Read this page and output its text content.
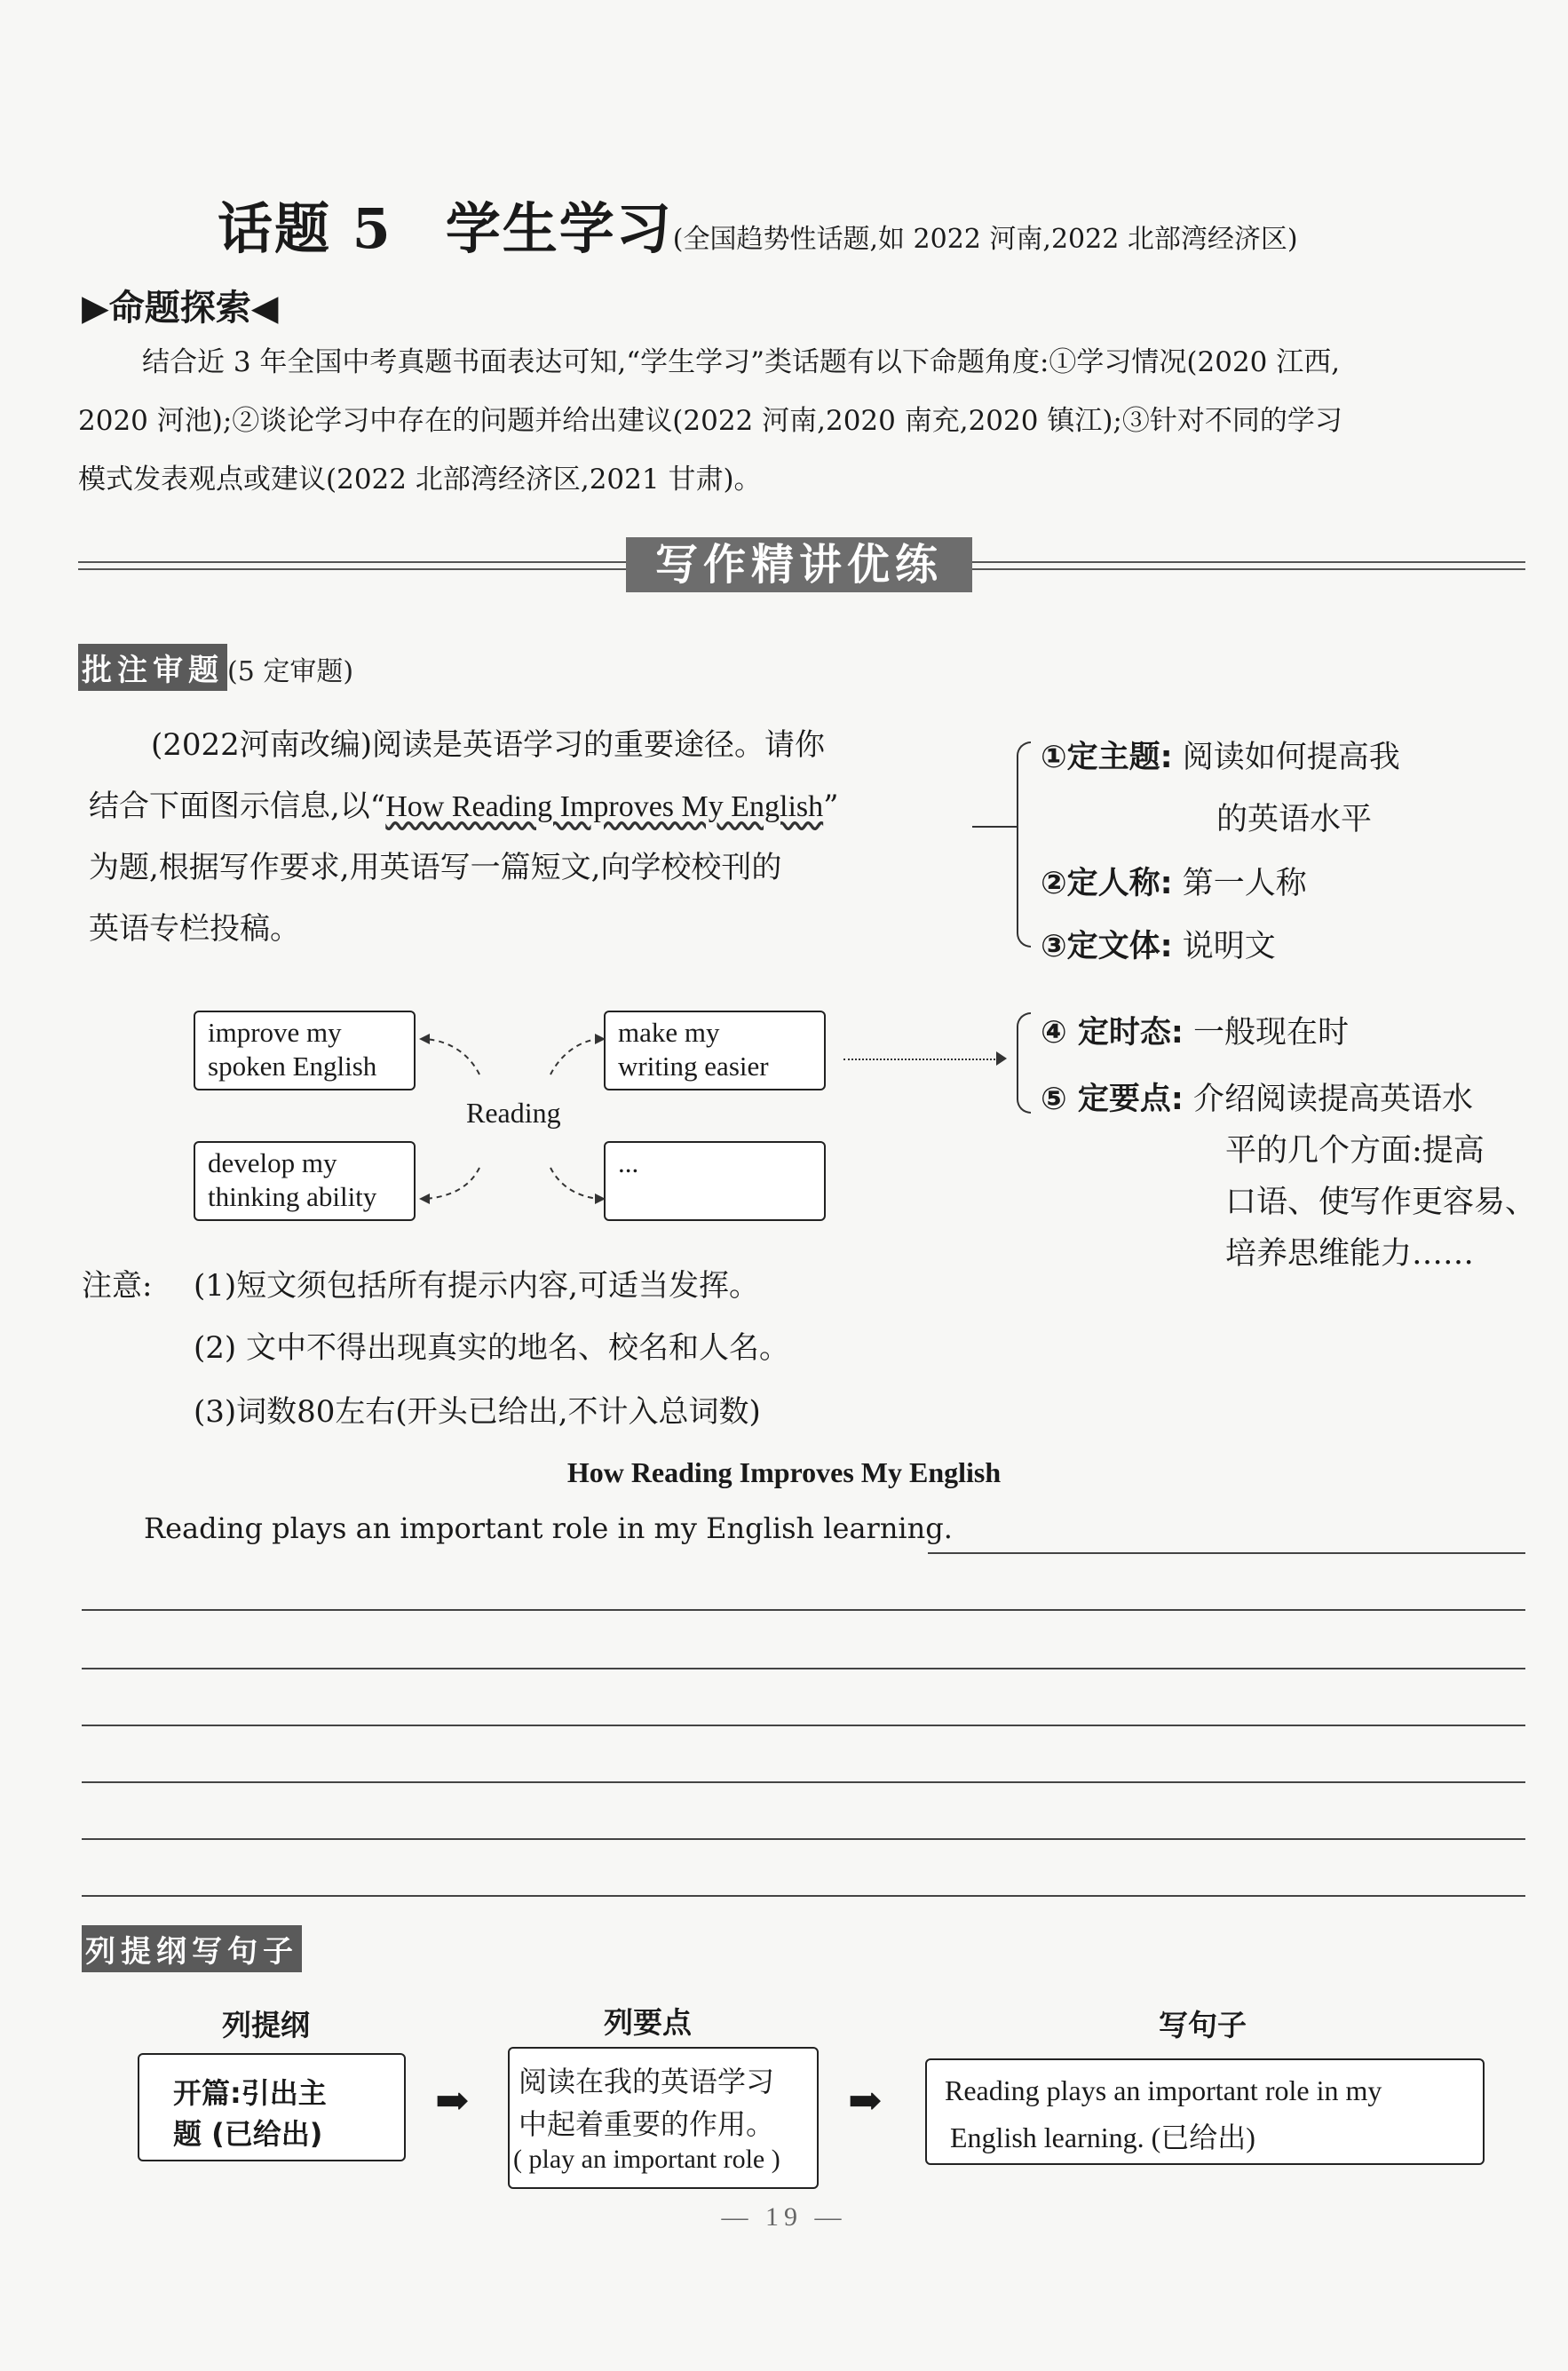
话题 5 学生学习(全国趋势性话题,如 2022 河南,2022 北部湾经济区)
▶命题探索◀
结合近 3 年全国中考真题书面表达可知,“学生学习”类话题有以下命题角度:①学习情况(2020 江西,
2020 河池);②谈论学习中存在的问题并给出建议(2022 河南,2020 南充,2020 镇江);③针对不同的学习
模式发表观点或建议(2022 北部湾经济区,2021 甘肃)。
写作精讲优练
批注审题 (5 定审题)
(2022河南改编)阅读是英语学习的重要途径。请你
结合下面图示信息,以“How Reading Improves My English”
为题,根据写作要求,用英语写一篇短文,向学校校刊的
英语专栏投稿。
①定主题: 阅读如何提高我
的英语水平
②定人称: 第一人称
③定文体: 说明文
④ 定时态: 一般现在时
⑤ 定要点: 介绍阅读提高英语水
平的几个方面:提高
口语、使写作更容易、
培养思维能力……
improve my
spoken English
make my
writing easier
develop my
thinking ability
...
Reading
注意: (1)短文须包括所有提示内容,可适当发挥。
(2) 文中不得出现真实的地名、校名和人名。
(3)词数80左右(开头已给出,不计入总词数)
How Reading Improves My English
Reading plays an important role in my English learning.
列提纲写句子
列提纲	列要点	写句子
开篇:引出主
题 (已给出)
➡ 阅读在我的英语学习
中起着重要的作用。
( play an important role )
➡ Reading plays an important role in my
English learning. (已给出)
— 19 —
